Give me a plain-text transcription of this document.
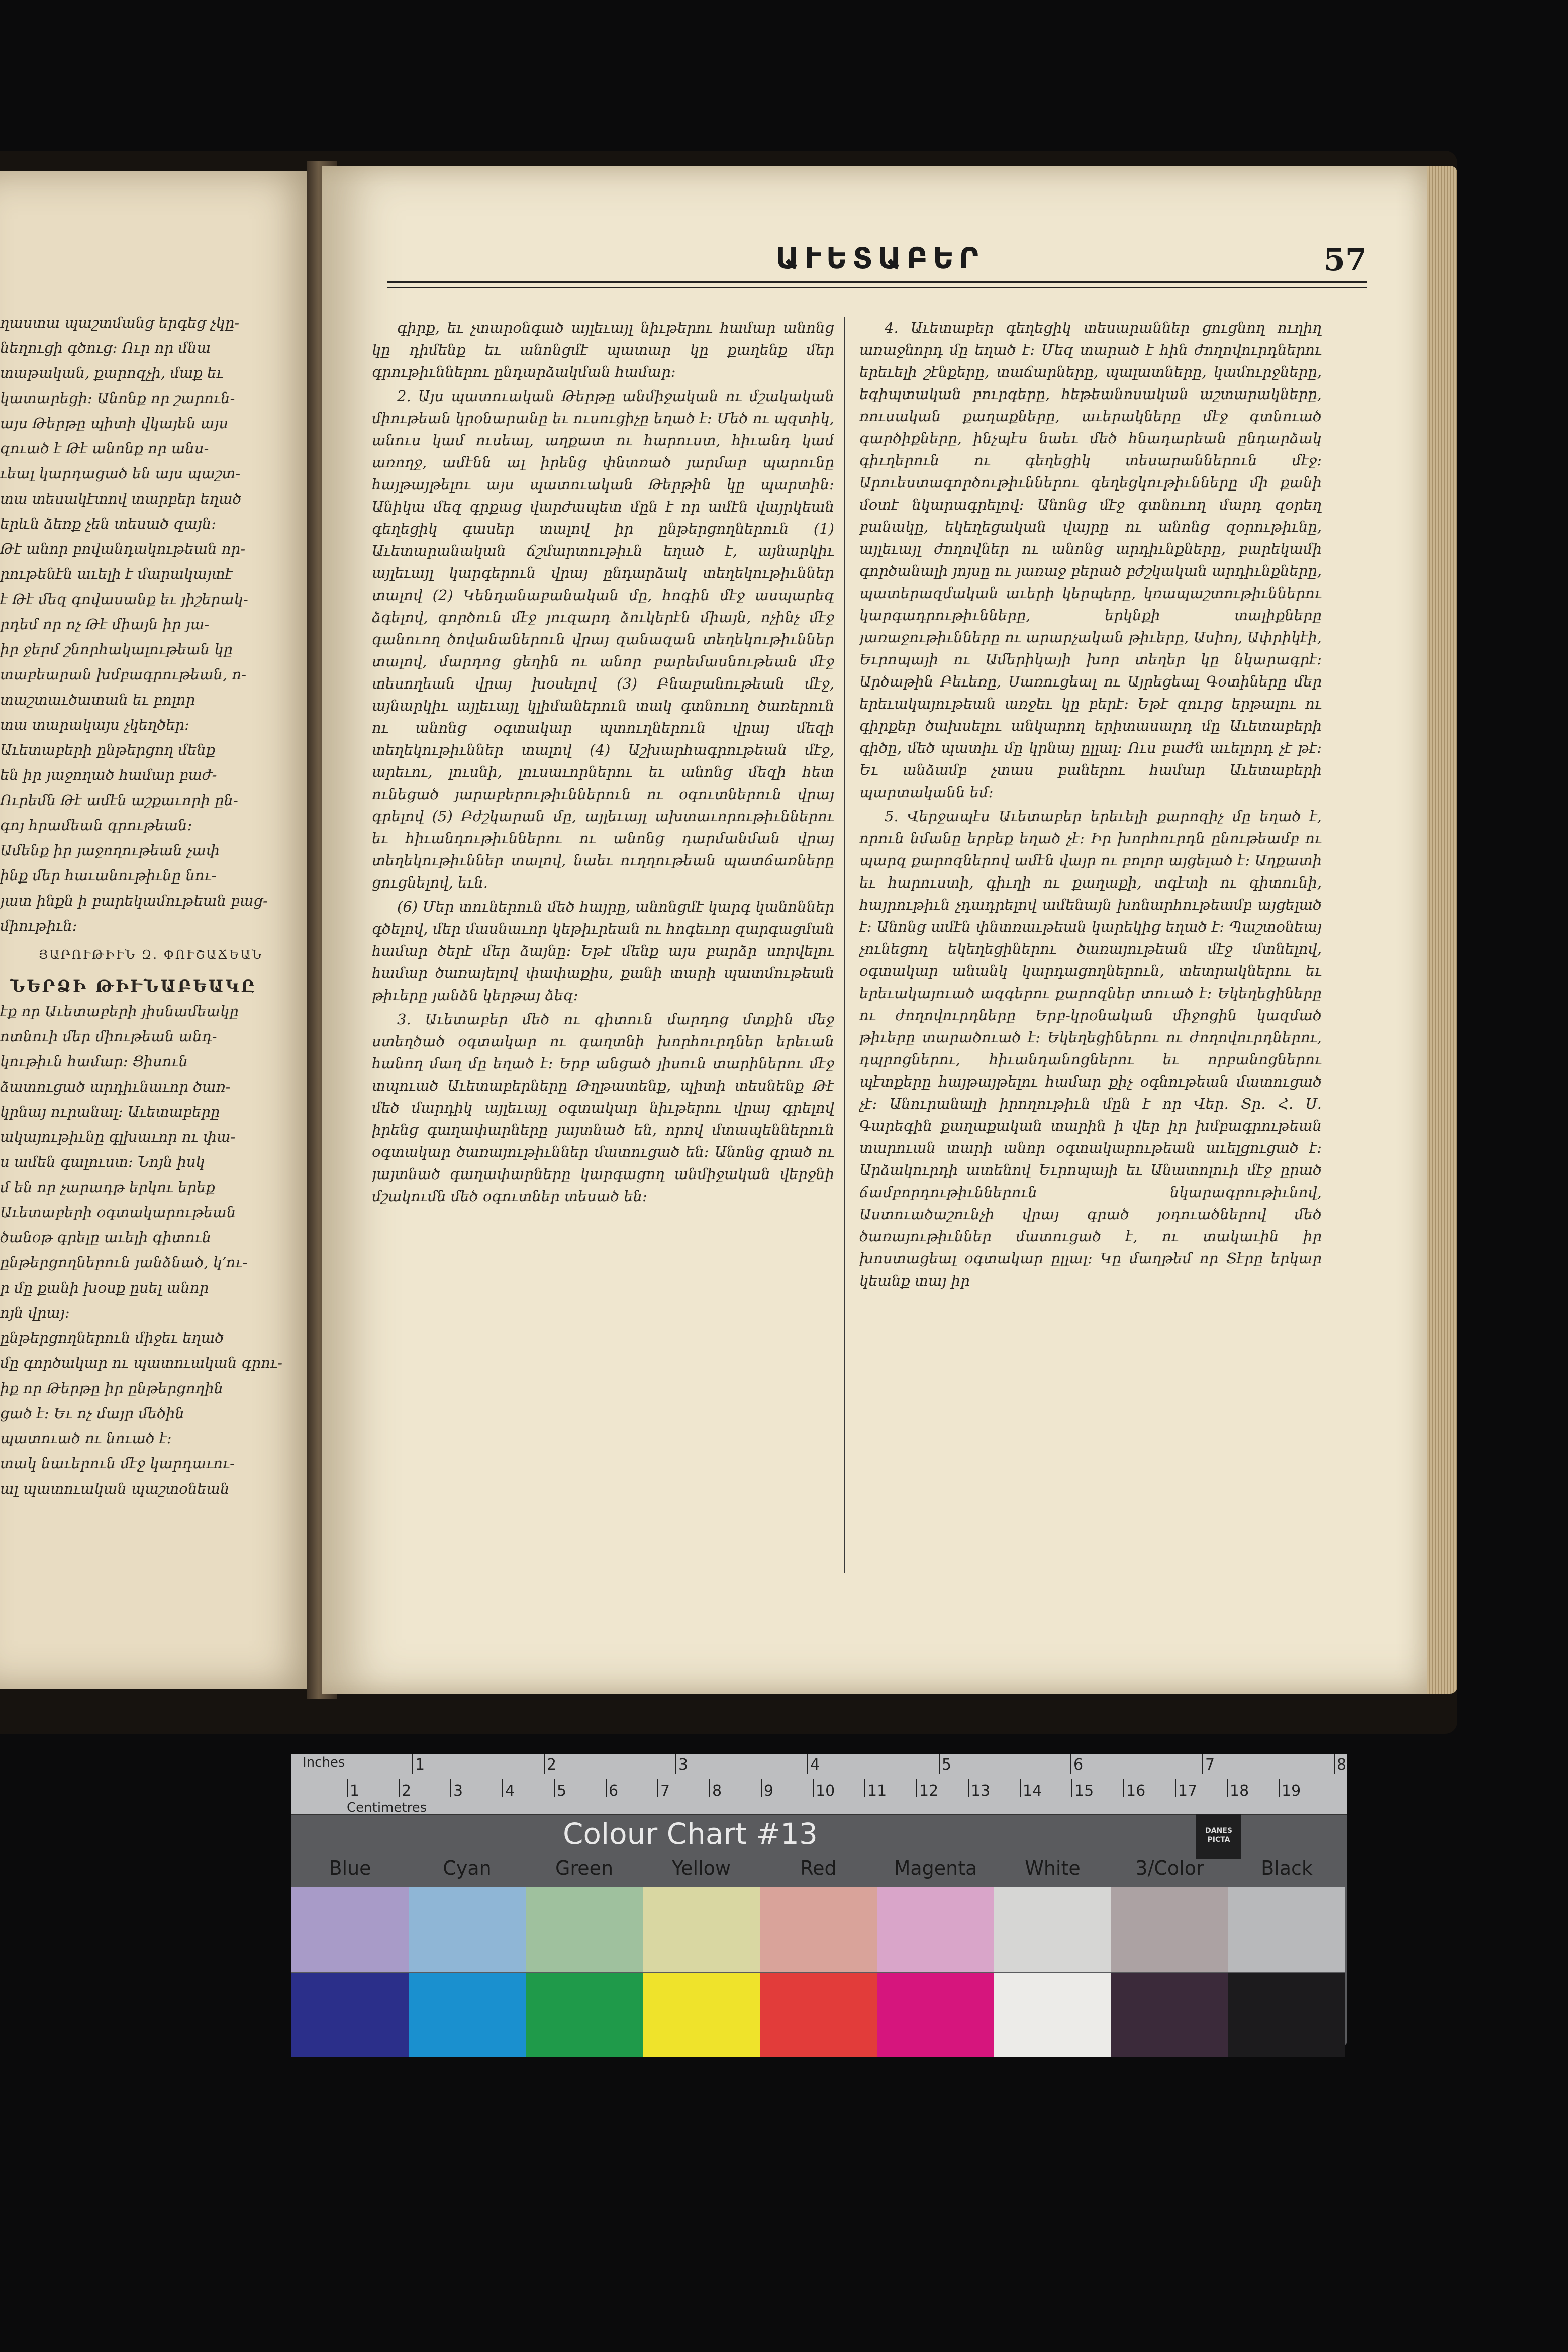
ղաստա պաշտմանց երգեց չկը-

նեղուցի գծուց։ Ուր որ մնա

տաթական, քարոզչի, մաք եւ

կատարեցի։ Անոնք որ շարուն-

այս Թերթը պիտի վկայեն այս

զուած է Թէ անոնք որ անս-

ւեալ կարդացած են այս պաշտ-

տա տեսակէտով տարբեր եղած

երևն ձեռք չեն տեսած զայն։

Թէ անոր բովանդակութեան որ-

րութենէն աւելի է մարակայտէ

է Թէ մեզ գովասանք եւ յիշերակ-

րդեմ որ ոչ Թէ միայն իր յա-

իր ջերմ շնորհակալութեան կը

տաբեարան խմբագրութեան, ո-

տաշտաւծատան եւ բոլոր

տա տարակայս չկեղծեր։

Աւետաբերի ընթերցող մենք

են իր յաջողած համար բաժ-

Ուրեմն Թէ ամէն աշքաւորի ըն-

գոյ հրամեան գրութեան։

Ամենք իր յաջողութեան չափ

ինք մեր հաւանութիւնը նու-

յատ ինքն ի բարեկամութեան բաց-

միութիւն։

ՅԱՐՈՒԹԻՒՆ Զ. ՓՈՒՇԱՃԵԱՆ
ՆԵՐՁԻ ԹԻՒՆԱԲԵԱԿԸ

էք որ Աւետաբերի յիսնամեակը

ոտնուի մեր միութեան անդ-

կութիւն համար։ Ցիսուն

ձատուցած արդիւնաւոր ծառ-

կրնայ ուրանալ։ Աւետաբերը

ակայութիւնը գլխաւոր ու փա-

ս ամեն գալուստ։ Նոյն իսկ

մ են որ չարադթ երկու երեք

Աւետաբերի օգտակարութեան

ծանօթ գրելը աւելի գիտուն

ընթերցողներուն յանձնած, կ՚ու-

ր մը քանի խօսք ըսել անոր

ոյն վրայ։

ընթերցողներուն միջեւ եղած

մը գործակար ու պատուական գրու-

իք որ Թերթը իր ընթերցողին

ցած է։ Եւ ոչ մայր մեծին

պատուած ու նուած է։

տակ նաւերուն մէջ կարդաւու-

ալ պատուական պաշտօնեան

ԱՒԵՏԱԲԵՐ	57

գիրք, եւ չտարօնգած այլեւայլ նիւթերու համար անոնց կը դիմենք եւ անոնցմէ պատար կը քաղենք մեր գրութիւններու ընդարձակման համար։

2. Այս պատուական Թերթը անմիջական ու մշակական միութեան կրօնարանը եւ ուսուցիչը եղած է։ Մեծ ու պզտիկ, անուս կամ ուսեալ, աղքատ ու հարուստ, հիւանդ կամ առողջ, ամէնն ալ իրենց փնտռած յարմար պարունը հայթայթելու այս պատուական Թերթին կը պարտին։ Անիկա մեզ գրքաց վարժապետ մըն է որ ամէն վայրկեան գեղեցիկ գասեր տալով իր ընթերցողներուն (1) Աւետարանական ճշմարտութիւն եղած է, այնարկիւ այլեւայլ կարգերուն վրայ ընդարձակ տեղեկութիւններ տալով (2) Կենդանաբանական մը, հոգին մէջ ասպարեզ ձգելով, գործուն մէջ յուզարդ ձուկերէն միայն, ոչինչ մէջ գանուող ծովանաներուն վրայ զանազան տեղեկութիւններ տալով, մարդոց ցեղին ու անոր բարեմասնութեան մէջ տեսողեան վրայ խօսելով (3) Բնաբանութեան մէջ, այնարկիւ այլեւայլ կլիմաներուն տակ գտնուող ծառերուն ու անոնց օգտակար պտուղներուն վրայ մեզի տեղեկութիւններ տալով (4) Աշխարհագրութեան մէջ, արեւու, լուսնի, լուսաւորներու եւ անոնց մեզի հետ ունեցած յարաբերութիւններուն ու օգուտներուն վրայ գրելով (5) Բժշկարան մը, այլեւայլ ախտաւորութիւններու եւ հիւանդութիւններու ու անոնց դարմանման վրայ տեղեկութիւններ տալով, նաեւ ուղղութեան պատճառները ցուցնելով, եւն.

(6) Մեր տուներուն մեծ հայրը, անոնցմէ կարգ կանոններ գծելով, մեր մասնաւոր կեթիւրեան ու հոգեւոր զարգացման համար ծերէ մեր ձայնը։ Եթէ մենք այս բարձր սորվելու համար ծառայելով փափաքիս, քանի տարի պատմութեան թիւերը յանձն կերթայ ձեզ։

3. Աւետաբեր մեծ ու գիտուն մարդոց մտքին մեջ ստեղծած օգտակար ու գաղտնի խորհուրդներ երեւան հանող մաղ մը եղած է։ Երբ անցած յիսուն տարիներու մէջ տպուած Աւետաբերները Թղթատենք, պիտի տեսնենք Թէ մեծ մարդիկ այլեւայլ օգտակար նիւթերու վրայ գրելով իրենց գաղափարները յայտնած են, որով մտապեններուն օգտակար ծառայութիւններ մատուցած են։ Անոնց գրած ու յայտնած գաղափարները կարգացող անմիջական վերջնի մշակումն մեծ օգուտներ տեսած են։

4. Աւետաբեր գեղեցիկ տեսարաններ ցուցնող ուղիղ առաջնորդ մը եղած է։ Մեզ տարած է հին ժողովուրդներու երեւելի շէնքերը, տաճարները, պալատները, կամուրջները, եգիպտական բուրգերը, հեթեանոսական աշտարակները, ռուսական քաղաքները, աւերակները մէջ գտնուած գարծիքները, ինչպէս նաեւ մեծ հնադարեան ընդարձակ գիւղերուն ու գեղեցիկ տեսարաններուն մէջ։ Արուեստագործութիւններու գեղեցկութիւնները մի քանի մօտէ նկարագրելով։ Անոնց մէջ գտնուող մարդ զօրեղ բանակը, եկեղեցական վայրը ու անոնց զօրութիւնը, այլեւայլ ժողովներ ու անոնց արդիւնքները, բարեկամի գործանալի յոյսը ու յառաջ բերած բժշկական արդիւնքները, պատերազմական աւերի կերպերը, կռապաշտութիւններու կարգադրութիւնները, երկնքի տալիքները յառաջութիւնները ու արարչական թիւերը, Ասիոյ, Ափրիկէի, Եւրոպայի ու Ամերիկայի խոր տեղեր կը նկարագրէ։ Արծաթին Բեւեռը, Սառուցեալ ու Այրեցեալ Գօտիները մեր երեւակայութեան առջեւ կը բերէ։ Եթէ զուրց երթալու ու գիրքեր ծախսելու անկարող երիտասարդ մը Աւետաբերի գիծը, մեծ պատիւ մը կրնայ ըլլալ։ Ուս բաժն աւելորդ չէ թէ։ Եւ անձամբ չտաս բաներու համար Աւետաբերի պարտականն եմ։

5. Վերջապէս Աւետաբեր երեւելի քարոզիչ մը եղած է, որուն նմանը երբեք եղած չէ։ Իր խորհուրդն ընութեամբ ու պարզ քարոզներով ամէն վայր ու բոլոր այցելած է։ Աղքատի եւ հարուստի, գիւղի ու քաղաքի, տգէտի ու գիտունի, հայրութիւն չդադրելով ամենայն խոնարհութեամբ այցելած է։ Անոնց ամէն փնտռաւթեան կարեկից եղած է։ Պաշտօնեայ չունեցող եկեղեցիներու ծառայութեան մէջ մտնելով, օգտակար անանկ կարդացողներուն, տետրակներու եւ երեւակայուած ազգերու քարոզներ տուած է։ Եկեղեցիները ու ժողովուրդները Երբ-կրօնական միջոցին կազմած թիւերը տարածուած է։ Եկեղեցիներու ու ժողովուրդներու, դպրոցներու, հիւանդանոցներու եւ որբանոցներու պէտքերը հայթայթելու համար քիչ օգնութեան մատուցած չէ։ Անուրանալի իրողութիւն մըն է որ Վեր. Տր. Հ. Ս. Գարեգին քաղաքական տարին ի վեր իր խմբագրութեան տարուան տարի անոր օգտակարութեան աւելցուցած է։ Արձակուրդի ատենով Եւրոպայի եւ Անատոլուի մէջ ըրած ճամբորդութիւններուն նկարագրութիւնով, Աստուածաշունչի վրայ գրած յօդուածներով մեծ ծառայութիւններ մատուցած է, ու տակաւին իր խոստացեալ օգտակար ըլլալ։ Կը մաղթեմ որ Տէրը երկար կեանք տայ իր

Inches
Centimetres
1	2	3	4	5	6	7	8
1	2	3	4	5	6	7	8	9	10 11 12 13 14 15 16 17 18 19
Colour Chart #13	DANES PICTA
Blue	Cyan	Green	Yellow	Red	Magenta	White	3/Color	Black
